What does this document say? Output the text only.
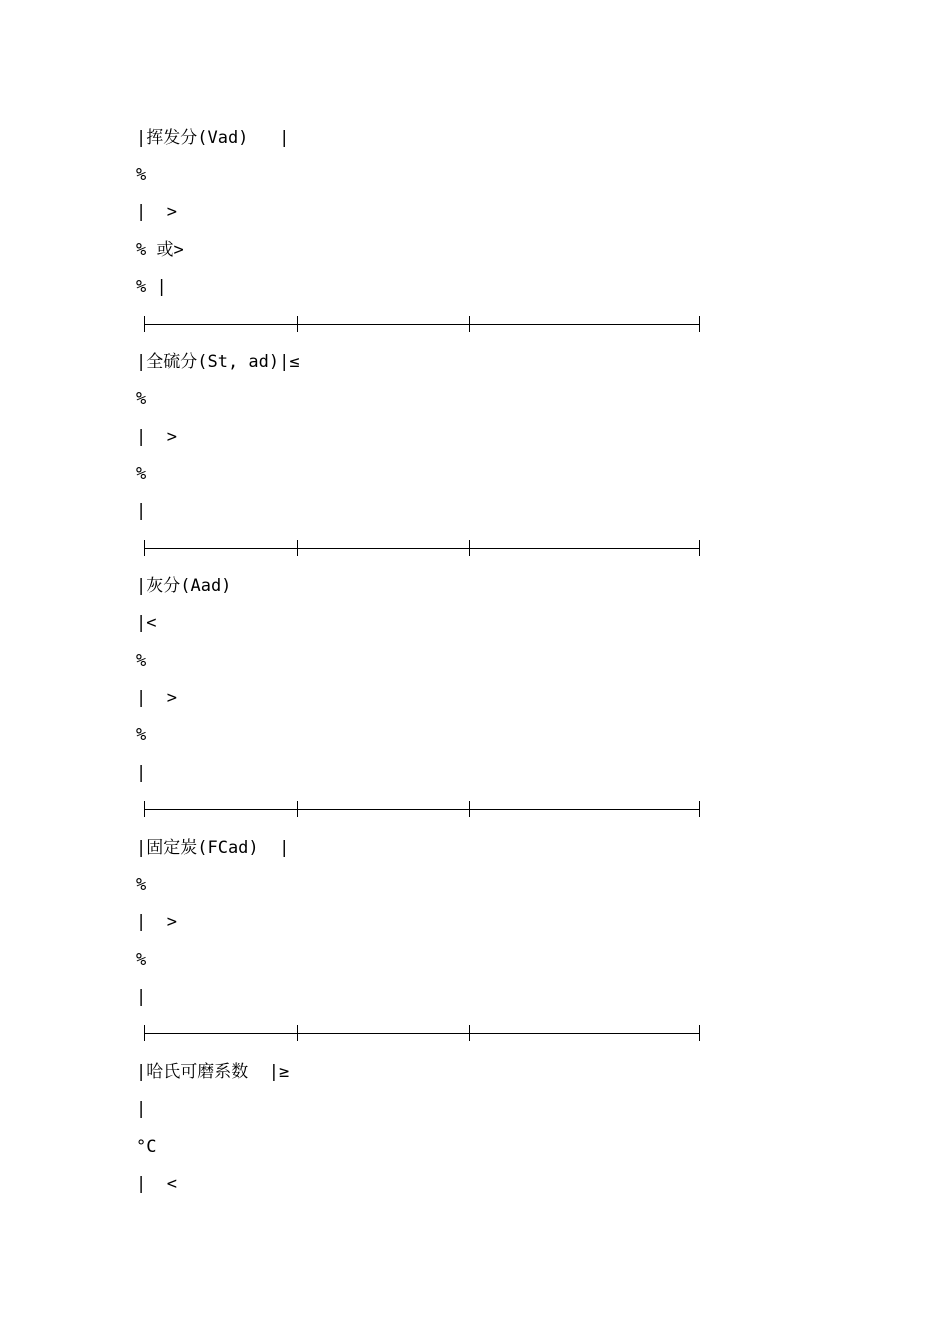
|挥发分(Vad)   |
%
|  >
% 或>
% |
|全硫分(St, ad)|≤
%
|  >
%
|
|灰分(Aad)
|<
%
|  >
%
|
|固定炭(FCad)  |
%
|  >
%
|
|哈氏可磨系数  |≥
|
°C
|  <
